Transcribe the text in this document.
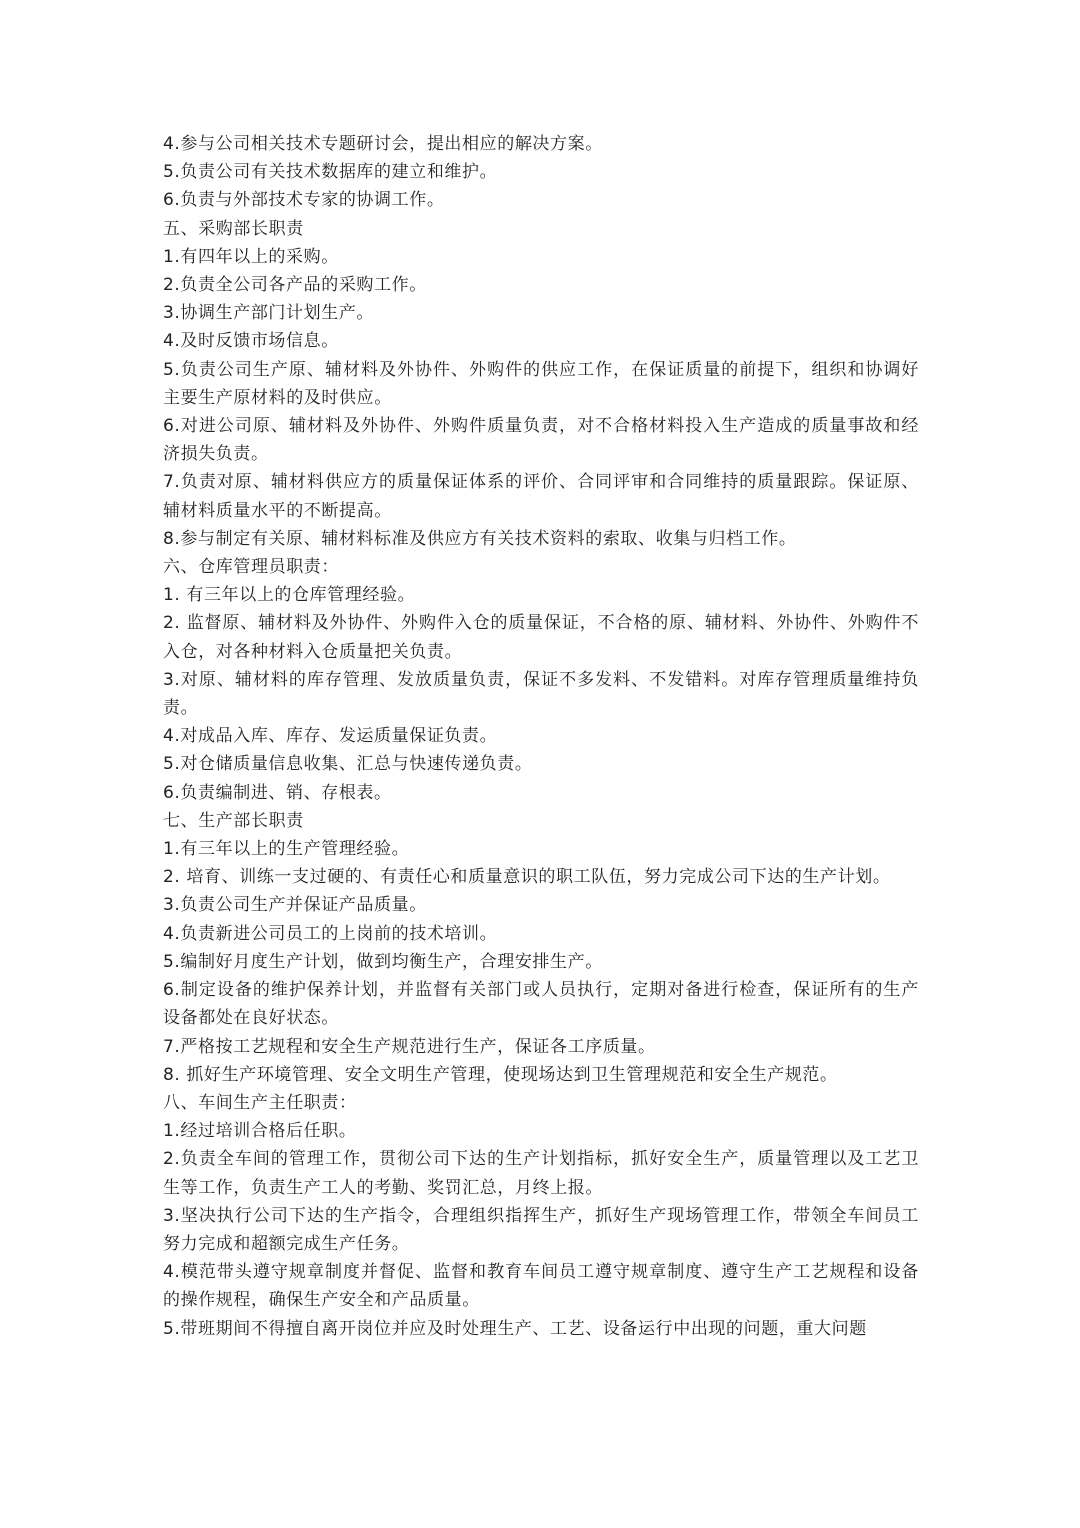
4.参与公司相关技术专题研讨会，提出相应的解决方案。

5.负责公司有关技术数据库的建立和维护。

6.负责与外部技术专家的协调工作。

五、采购部长职责

1.有四年以上的采购。

2.负责全公司各产品的采购工作。

3.协调生产部门计划生产。

4.及时反馈市场信息。

5.负责公司生产原、辅材料及外协件、外购件的供应工作，在保证质量的前提下，组织和协调好主要生产原材料的及时供应。

6.对进公司原、辅材料及外协件、外购件质量负责，对不合格材料投入生产造成的质量事故和经济损失负责。

7.负责对原、辅材料供应方的质量保证体系的评价、合同评审和合同维持的质量跟踪。保证原、辅材料质量水平的不断提高。

8.参与制定有关原、辅材料标准及供应方有关技术资料的索取、收集与归档工作。

六、仓库管理员职责：

1. 有三年以上的仓库管理经验。

2. 监督原、辅材料及外协件、外购件入仓的质量保证，不合格的原、辅材料、外协件、外购件不入仓，对各种材料入仓质量把关负责。

3.对原、辅材料的库存管理、发放质量负责，保证不多发料、不发错料。对库存管理质量维持负责。

4.对成品入库、库存、发运质量保证负责。

5.对仓储质量信息收集、汇总与快速传递负责。

6.负责编制进、销、存根表。

七、生产部长职责

1.有三年以上的生产管理经验。

2. 培育、训练一支过硬的、有责任心和质量意识的职工队伍，努力完成公司下达的生产计划。

3.负责公司生产并保证产品质量。

4.负责新进公司员工的上岗前的技术培训。

5.编制好月度生产计划，做到均衡生产，合理安排生产。

6.制定设备的维护保养计划，并监督有关部门或人员执行，定期对备进行检查，保证所有的生产设备都处在良好状态。

7.严格按工艺规程和安全生产规范进行生产，保证各工序质量。

8. 抓好生产环境管理、安全文明生产管理，使现场达到卫生管理规范和安全生产规范。

八、车间生产主任职责：

1.经过培训合格后任职。

2.负责全车间的管理工作，贯彻公司下达的生产计划指标，抓好安全生产，质量管理以及工艺卫生等工作，负责生产工人的考勤、奖罚汇总，月终上报。

3.坚决执行公司下达的生产指令，合理组织指挥生产，抓好生产现场管理工作，带领全车间员工努力完成和超额完成生产任务。

4.模范带头遵守规章制度并督促、监督和教育车间员工遵守规章制度、遵守生产工艺规程和设备的操作规程，确保生产安全和产品质量。

5.带班期间不得擅自离开岗位并应及时处理生产、工艺、设备运行中出现的问题，重大问题
